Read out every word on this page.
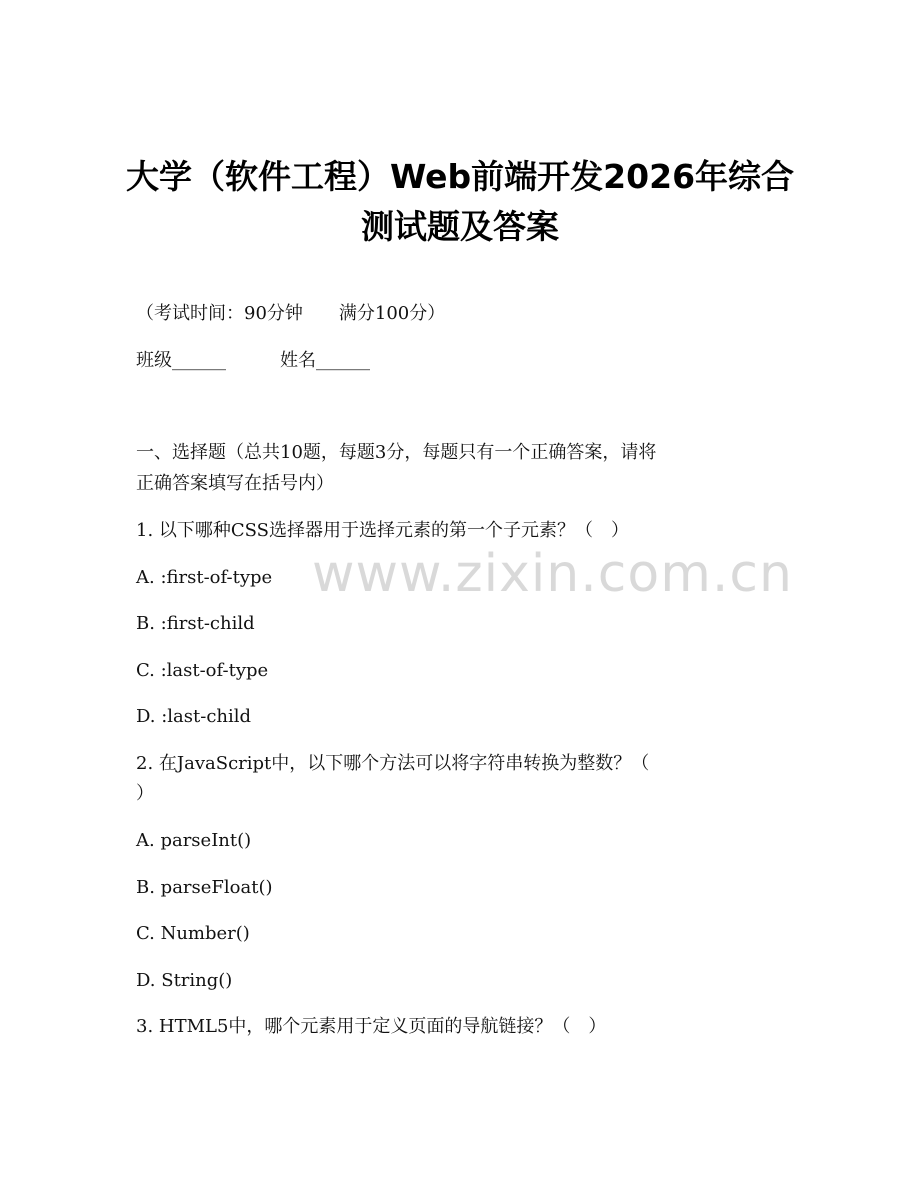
www.zixin.com.cn
大学（软件工程）Web前端开发2026年综合
测试题及答案

（考试时间：90分钟　　满分100分）

班级______	姓名______

一、选择题（总共10题，每题3分，每题只有一个正确答案，请将

正确答案填写在括号内）

1. 以下哪种CSS选择器用于选择元素的第一个子元素？（　）

A. :first-of-type

B. :first-child

C. :last-of-type

D. :last-child

2. 在JavaScript中，以下哪个方法可以将字符串转换为整数？（

）

A. parseInt()

B. parseFloat()

C. Number()

D. String()

3. HTML5中，哪个元素用于定义页面的导航链接？（　）
